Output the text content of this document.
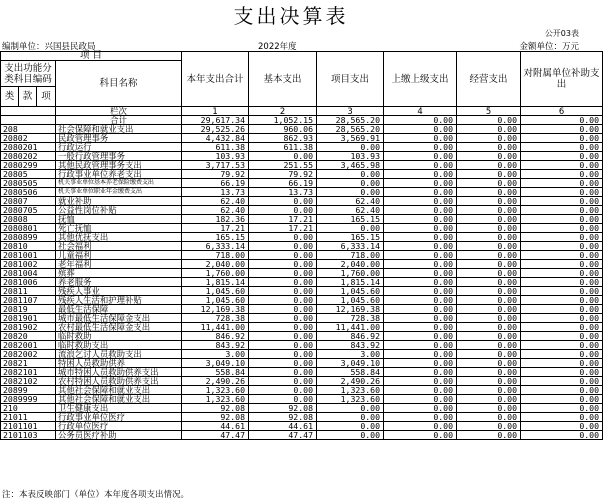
支出决算表
公开03表
编制单位：兴国县民政局	2022年度	金额单位：万元
项 目				本年支出合计	基本支出	项目支出	上缴上级支出	经营支出	对附属单位补助支出
支出功能分类科目编码			科目名称						
类	款	项							
			栏次	1	2	3	4	5	6
			合计	29,617.34	1,052.15	28,565.20	0.00	0.00	0.00
208			社会保障和就业支出	29,525.26	960.06	28,565.20	0.00	0.00	0.00
20802			民政管理事务	4,432.84	862.93	3,569.91	0.00	0.00	0.00
2080201			行政运行	611.38	611.38	0.00	0.00	0.00	0.00
2080202			一般行政管理事务	103.93	0.00	103.93	0.00	0.00	0.00
2080299			其他民政管理事务支出	3,717.53	251.55	3,465.98	0.00	0.00	0.00
20805			行政事业单位养老支出	79.92	79.92	0.00	0.00	0.00	0.00
2080505			机关事业单位基本养老保险缴费支出	66.19	66.19	0.00	0.00	0.00	0.00
2080506			机关事业单位职业年金缴费支出	13.73	13.73	0.00	0.00	0.00	0.00
20807			就业补助	62.40	0.00	62.40	0.00	0.00	0.00
2080705			公益性岗位补贴	62.40	0.00	62.40	0.00	0.00	0.00
20808			抚恤	182.36	17.21	165.15	0.00	0.00	0.00
2080801			死亡抚恤	17.21	17.21	0.00	0.00	0.00	0.00
2080899			其他优抚支出	165.15	0.00	165.15	0.00	0.00	0.00
20810			社会福利	6,333.14	0.00	6,333.14	0.00	0.00	0.00
2081001			儿童福利	718.00	0.00	718.00	0.00	0.00	0.00
2081002			老年福利	2,040.00	0.00	2,040.00	0.00	0.00	0.00
2081004			殡葬	1,760.00	0.00	1,760.00	0.00	0.00	0.00
2081006			养老服务	1,815.14	0.00	1,815.14	0.00	0.00	0.00
20811			残疾人事业	1,045.60	0.00	1,045.60	0.00	0.00	0.00
2081107			残疾人生活和护理补贴	1,045.60	0.00	1,045.60	0.00	0.00	0.00
20819			最低生活保障	12,169.38	0.00	12,169.38	0.00	0.00	0.00
2081901			城市最低生活保障金支出	728.38	0.00	728.38	0.00	0.00	0.00
2081902			农村最低生活保障金支出	11,441.00	0.00	11,441.00	0.00	0.00	0.00
20820			临时救助	846.92	0.00	846.92	0.00	0.00	0.00
2082001			临时救助支出	843.92	0.00	843.92	0.00	0.00	0.00
2082002			流浪乞讨人员救助支出	3.00	0.00	3.00	0.00	0.00	0.00
20821			特困人员救助供养	3,049.10	0.00	3,049.10	0.00	0.00	0.00
2082101			城市特困人员救助供养支出	558.84	0.00	558.84	0.00	0.00	0.00
2082102			农村特困人员救助供养支出	2,490.26	0.00	2,490.26	0.00	0.00	0.00
20899			其他社会保障和就业支出	1,323.60	0.00	1,323.60	0.00	0.00	0.00
2089999			其他社会保障和就业支出	1,323.60	0.00	1,323.60	0.00	0.00	0.00
210			卫生健康支出	92.08	92.08	0.00	0.00	0.00	0.00
21011			行政事业单位医疗	92.08	92.08	0.00	0.00	0.00	0.00
2101101			行政单位医疗	44.61	44.61	0.00	0.00	0.00	0.00
2101103			公务员医疗补助	47.47	47.47	0.00	0.00	0.00	0.00
注：本表反映部门（单位）本年度各项支出情况。
